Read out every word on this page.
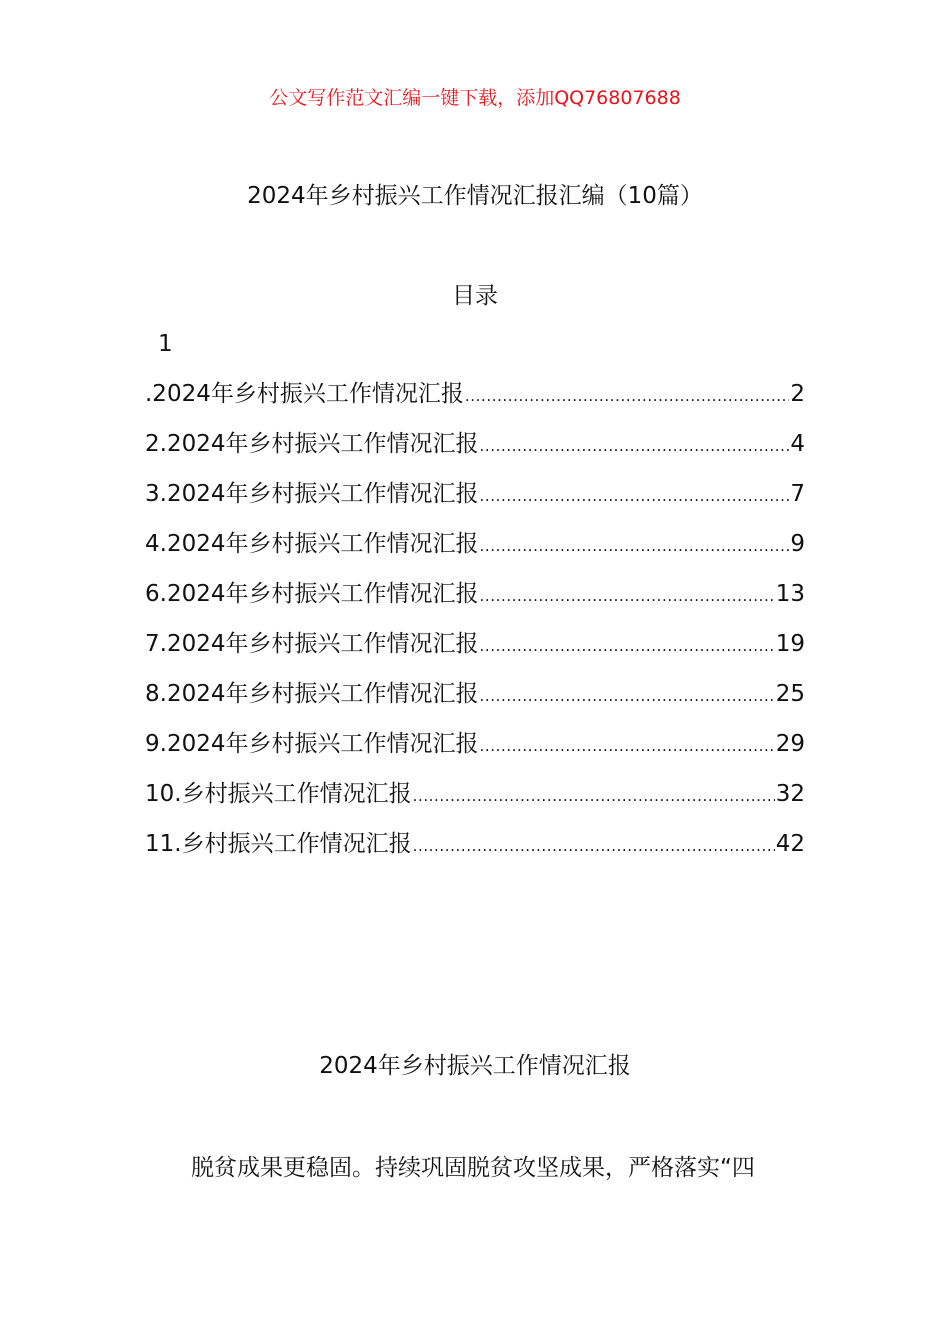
公文写作范文汇编一键下载，添加QQ76807688
2024年乡村振兴工作情况汇报汇编（10篇）
目录
1
.2024年乡村振兴工作情况汇报 .....	2
2.2024年乡村振兴工作情况汇报 .....	4
3.2024年乡村振兴工作情况汇报 .....	7
4.2024年乡村振兴工作情况汇报 .....	9
6.2024年乡村振兴工作情况汇报 .....	13
7.2024年乡村振兴工作情况汇报 .....	19
8.2024年乡村振兴工作情况汇报 .....	25
9.2024年乡村振兴工作情况汇报 .....	29
10.乡村振兴工作情况汇报 .....	32
11.乡村振兴工作情况汇报 .....	42
2024年乡村振兴工作情况汇报

脱贫成果更稳固。持续巩固脱贫攻坚成果，严格落实“四
